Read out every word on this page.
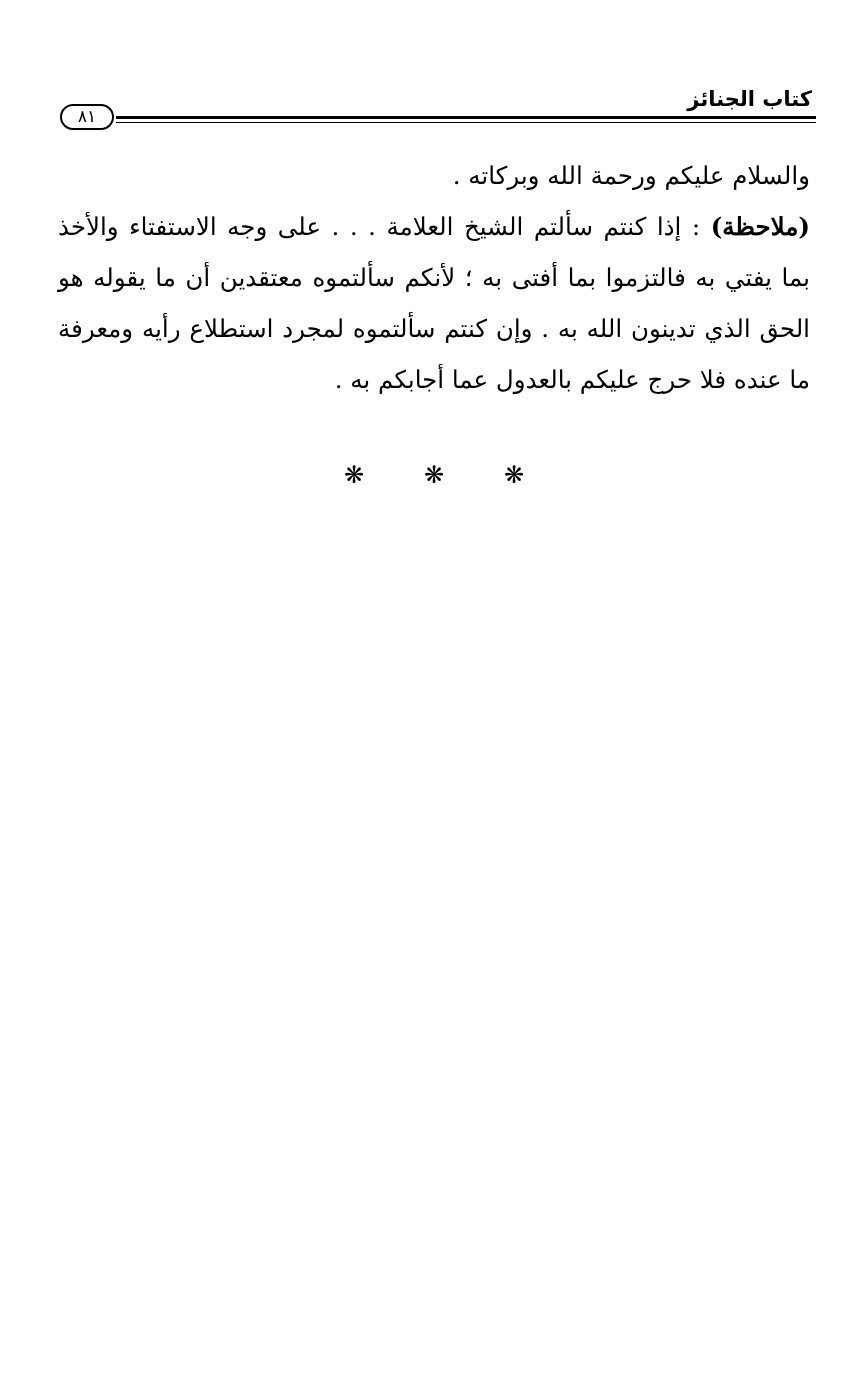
كتاب الجنائز
٨١

والسلام عليكم ورحمة الله وبركاته .

(ملاحظة) : إذا كنتم سألتم الشيخ العلامة . . . على وجه الاستفتاء والأخذ بما يفتي به فالتزموا بما أفتى به ؛ لأنكم سألتموه معتقدين أن ما يقوله هو الحق الذي تدينون الله به . وإن كنتم سألتموه لمجرد استطلاع رأيه ومعرفة ما عنده فلا حرج عليكم بالعدول عما أجابكم به .

❋	❋	❋
